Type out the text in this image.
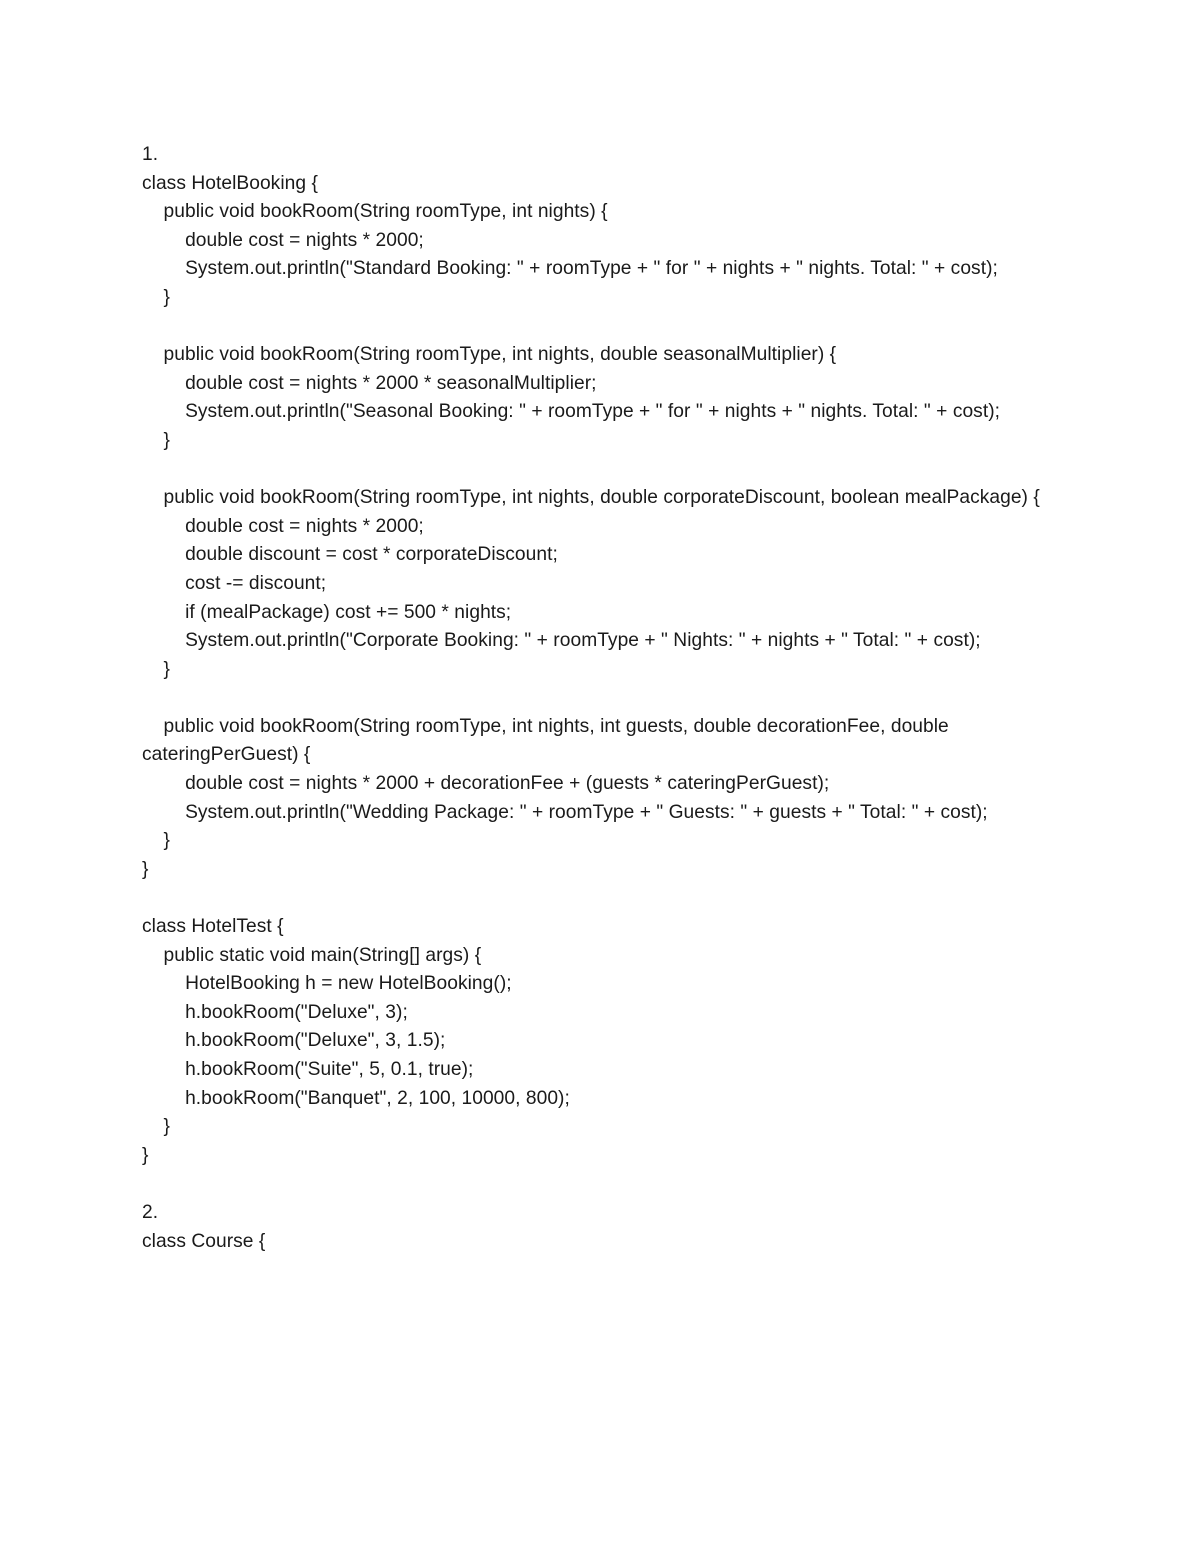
1.
class HotelBooking {
public void bookRoom(String roomType, int nights) {
double cost = nights * 2000;
System.out.println("Standard Booking: " + roomType + " for " + nights + " nights. Total: " + cost);
}

public void bookRoom(String roomType, int nights, double seasonalMultiplier) {
double cost = nights * 2000 * seasonalMultiplier;
System.out.println("Seasonal Booking: " + roomType + " for " + nights + " nights. Total: " + cost);
}

public void bookRoom(String roomType, int nights, double corporateDiscount, boolean mealPackage) {
double cost = nights * 2000;
double discount = cost * corporateDiscount;
cost -= discount;
if (mealPackage) cost += 500 * nights;
System.out.println("Corporate Booking: " + roomType + " Nights: " + nights + " Total: " + cost);
}

public void bookRoom(String roomType, int nights, int guests, double decorationFee, double cateringPerGuest) {
double cost = nights * 2000 + decorationFee + (guests * cateringPerGuest);
System.out.println("Wedding Package: " + roomType + " Guests: " + guests + " Total: " + cost);
}
}

class HotelTest {
public static void main(String[] args) {
HotelBooking h = new HotelBooking();
h.bookRoom("Deluxe", 3);
h.bookRoom("Deluxe", 3, 1.5);
h.bookRoom("Suite", 5, 0.1, true);
h.bookRoom("Banquet", 2, 100, 10000, 800);
}
}

2.
class Course {
